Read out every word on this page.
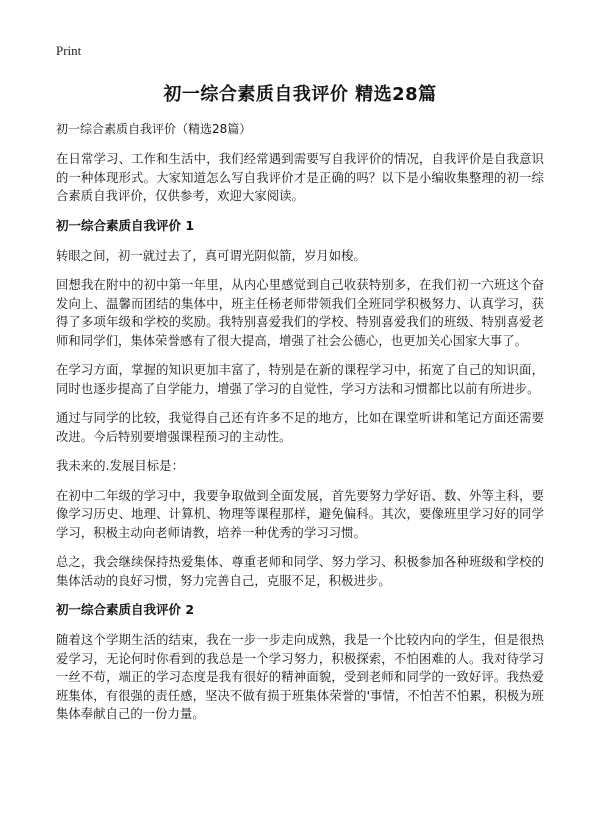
Print
初一综合素质自我评价 精选28篇
初一综合素质自我评价（精选28篇）

在日常学习、工作和生活中，我们经常遇到需要写自我评价的情况，自我评价是自我意识的一种体现形式。大家知道怎么写自我评价才是正确的吗？以下是小编收集整理的初一综合素质自我评价，仅供参考，欢迎大家阅读。

初一综合素质自我评价 1

转眼之间，初一就过去了，真可谓光阴似箭，岁月如梭。

回想我在附中的初中第一年里，从内心里感觉到自己收获特别多，在我们初一六班这个奋发向上、温馨而团结的集体中，班主任杨老师带领我们全班同学积极努力、认真学习，获得了多项年级和学校的奖励。我特别喜爱我们的学校、特别喜爱我们的班级、特别喜爱老师和同学们，集体荣誉感有了很大提高，增强了社会公德心，也更加关心国家大事了。

在学习方面，掌握的知识更加丰富了，特别是在新的课程学习中，拓宽了自己的知识面，同时也逐步提高了自学能力，增强了学习的自觉性，学习方法和习惯都比以前有所进步。

通过与同学的比较，我觉得自己还有许多不足的地方，比如在课堂听讲和笔记方面还需要改进。今后特别要增强课程预习的主动性。

我未来的.发展目标是：

在初中二年级的学习中，我要争取做到全面发展，首先要努力学好语、数、外等主科，要像学习历史、地理、计算机、物理等课程那样，避免偏科。其次，要像班里学习好的同学学习，积极主动向老师请教，培养一种优秀的学习习惯。

总之，我会继续保持热爱集体、尊重老师和同学、努力学习、积极参加各种班级和学校的集体活动的良好习惯，努力完善自己，克服不足，积极进步。

初一综合素质自我评价 2

随着这个学期生活的结束，我在一步一步走向成熟，我是一个比较内向的学生，但是很热爱学习，无论何时你看到的我总是一个学习努力，积极探索，不怕困难的人。我对待学习一丝不苟，端正的学习态度是我有很好的精神面貌，受到老师和同学的一致好评。我热爱班集体，有很强的责任感，坚决不做有损于班集体荣誉的'事情，不怕苦不怕累，积极为班集体奉献自己的一份力量。
